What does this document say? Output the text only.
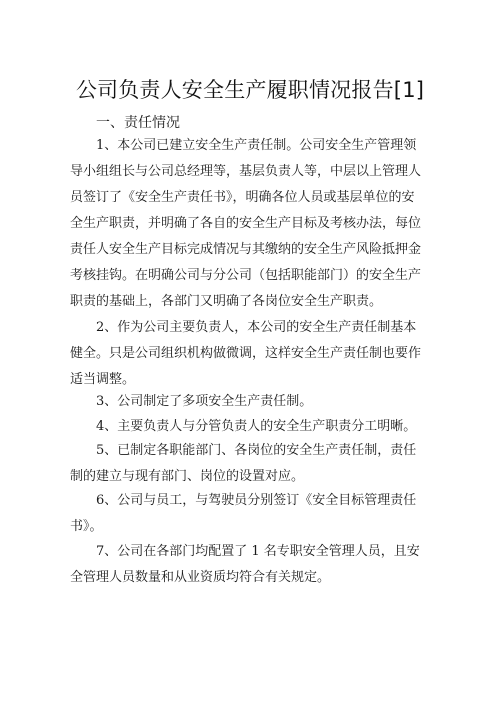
公司负责人安全生产履职情况报告[1]
一、责任情况
1、本公司已建立安全生产责任制。公司安全生产管理领
导小组组长与公司总经理等，基层负责人等，中层以上管理人
员签订了《安全生产责任书》，明确各位人员或基层单位的安
全生产职责，并明确了各自的安全生产目标及考核办法，每位
责任人安全生产目标完成情况与其缴纳的安全生产风险抵押金
考核挂钩。在明确公司与分公司（包括职能部门）的安全生产
职责的基础上，各部门又明确了各岗位安全生产职责。
2、作为公司主要负责人，本公司的安全生产责任制基本
健全。只是公司组织机构做微调，这样安全生产责任制也要作
适当调整。
3、公司制定了多项安全生产责任制。
4、主要负责人与分管负责人的安全生产职责分工明晰。
5、已制定各职能部门、各岗位的安全生产责任制，责任
制的建立与现有部门、岗位的设置对应。
6、公司与员工，与驾驶员分别签订《安全目标管理责任
书》。
7、公司在各部门均配置了 1 名专职安全管理人员，且安
全管理人员数量和从业资质均符合有关规定。
